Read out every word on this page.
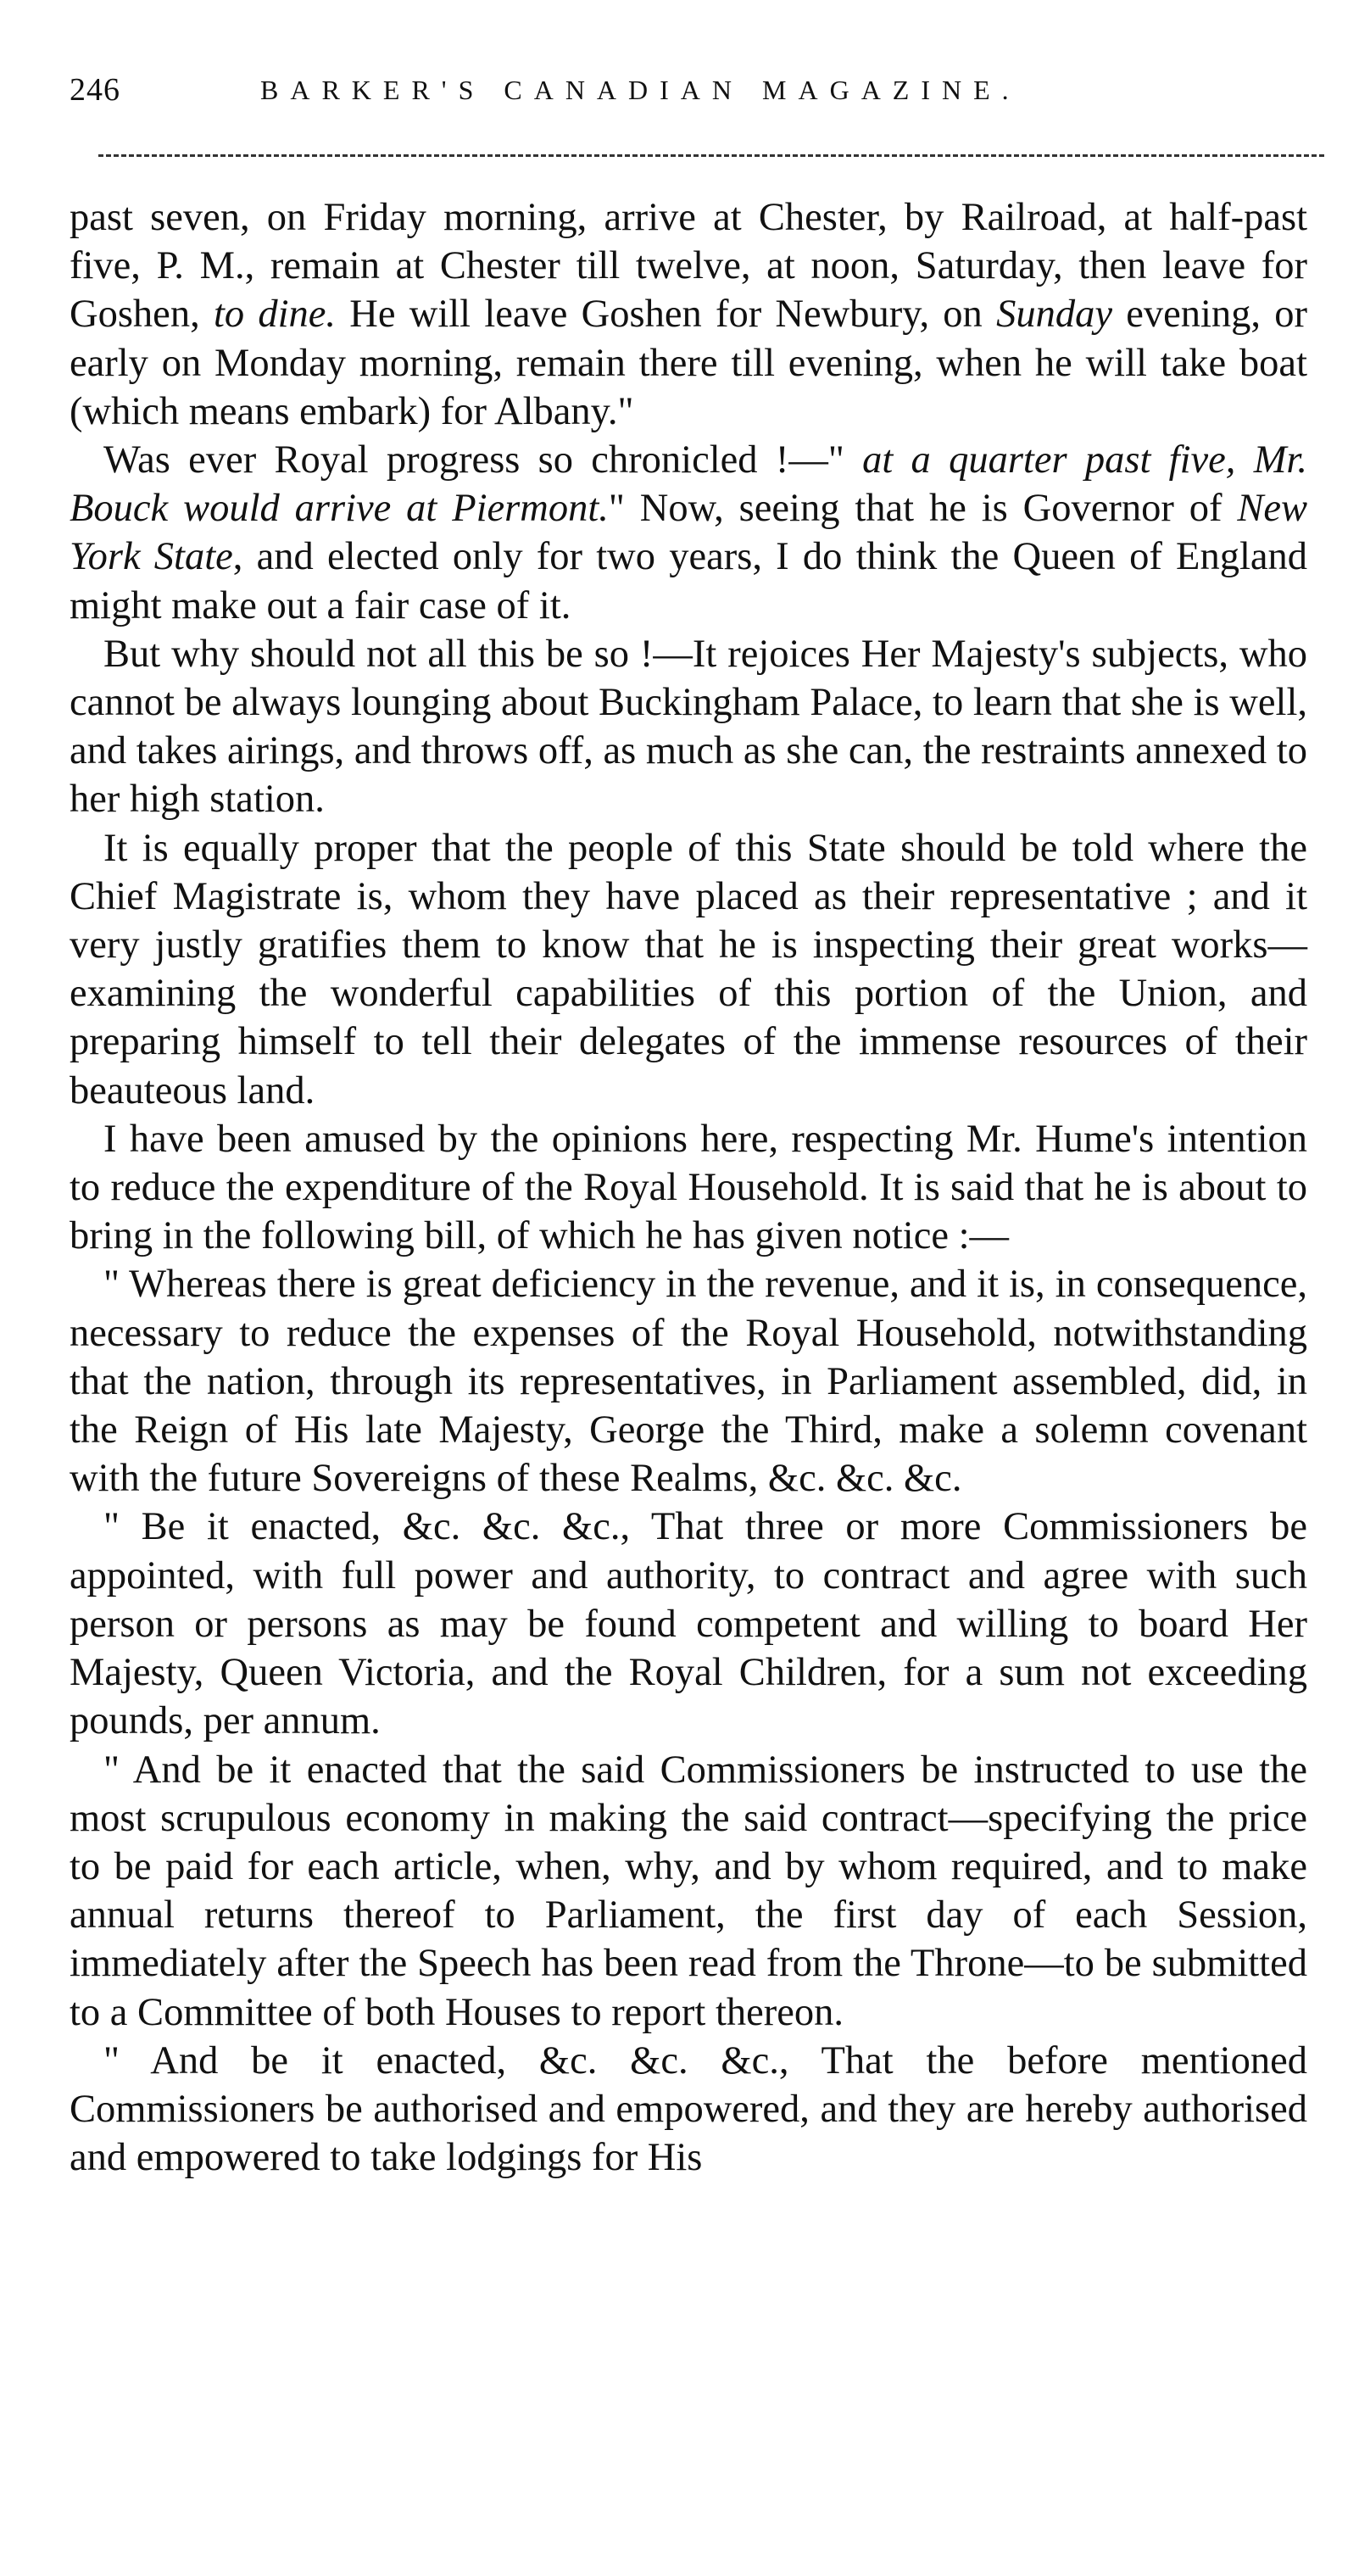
246	BARKER'S CANADIAN MAGAZINE.

past seven, on Friday morning, arrive at Chester, by Railroad, at half-past five, P. M., remain at Chester till twelve, at noon, Saturday, then leave for Goshen, to dine. He will leave Goshen for Newbury, on Sunday evening, or early on Monday morning, remain there till evening, when he will take boat (which means embark) for Albany."

Was ever Royal progress so chronicled !—" at a quarter past five, Mr. Bouck would arrive at Piermont." Now, seeing that he is Governor of New York State, and elected only for two years, I do think the Queen of England might make out a fair case of it.

But why should not all this be so !—It rejoices Her Majesty's subjects, who cannot be always lounging about Buckingham Palace, to learn that she is well, and takes airings, and throws off, as much as she can, the restraints annexed to her high station.

It is equally proper that the people of this State should be told where the Chief Magistrate is, whom they have placed as their representative ; and it very justly gratifies them to know that he is inspecting their great works—examining the wonderful capabilities of this portion of the Union, and preparing himself to tell their delegates of the immense resources of their beauteous land.

I have been amused by the opinions here, respecting Mr. Hume's intention to reduce the expenditure of the Royal Household. It is said that he is about to bring in the following bill, of which he has given notice :—

" Whereas there is great deficiency in the revenue, and it is, in consequence, necessary to reduce the expenses of the Royal Household, notwithstanding that the nation, through its representatives, in Parliament assembled, did, in the Reign of His late Majesty, George the Third, make a solemn covenant with the future Sovereigns of these Realms, &c. &c. &c.

" Be it enacted, &c. &c. &c., That three or more Commissioners be appointed, with full power and authority, to contract and agree with such person or persons as may be found competent and willing to board Her Majesty, Queen Victoria, and the Royal Children, for a sum not exceeding pounds, per annum.

" And be it enacted that the said Commissioners be instructed to use the most scrupulous economy in making the said contract—specifying the price to be paid for each article, when, why, and by whom required, and to make annual returns thereof to Parliament, the first day of each Session, immediately after the Speech has been read from the Throne—to be submitted to a Committee of both Houses to report thereon.

" And be it enacted, &c. &c. &c., That the before mentioned Commissioners be authorised and empowered, and they are hereby authorised and empowered to take lodgings for His
